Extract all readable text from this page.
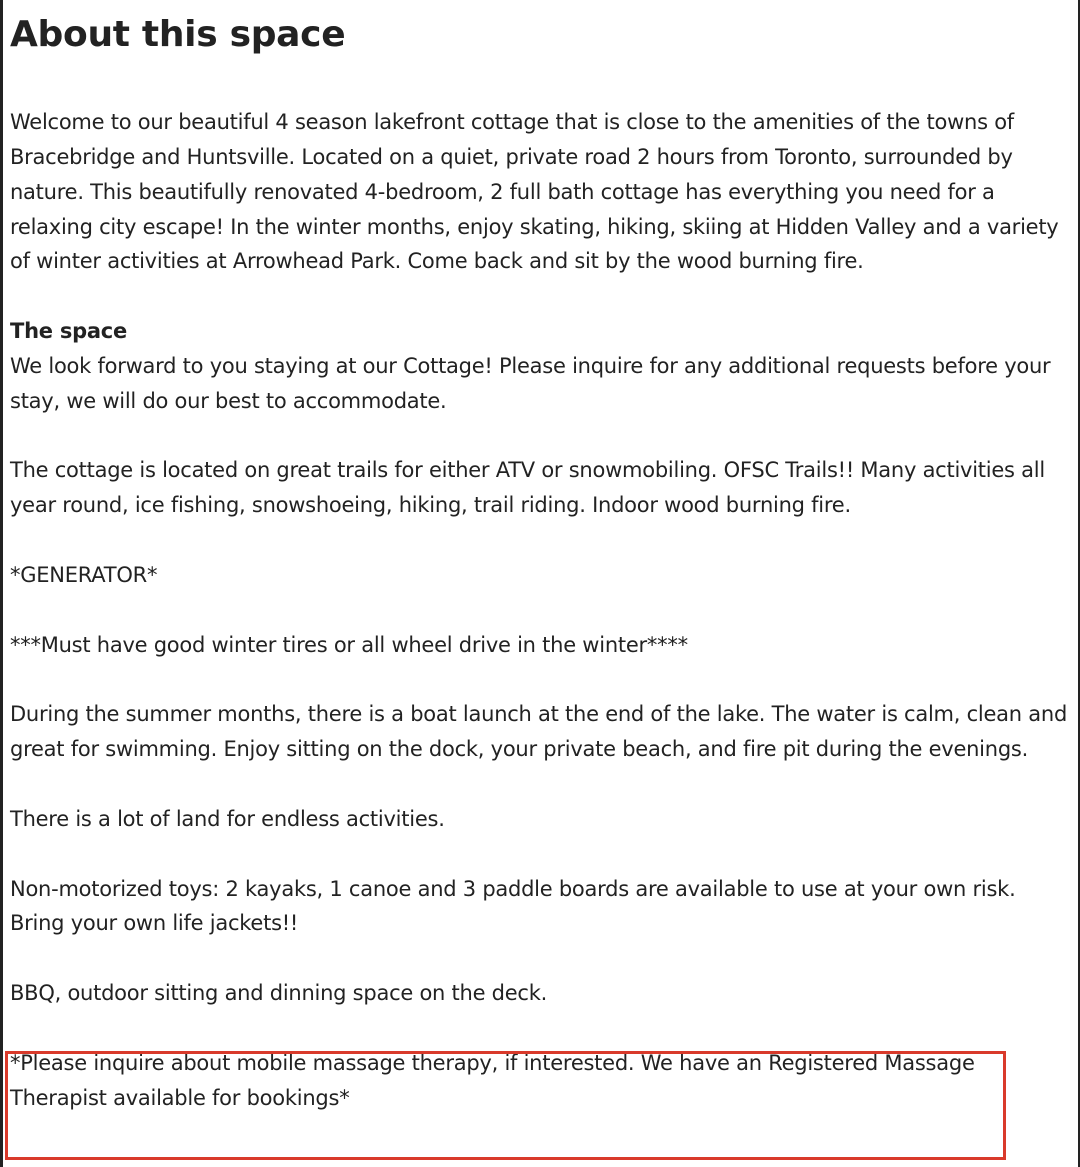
About this space

Welcome to our beautiful 4 season lakefront cottage that is close to the amenities of the towns of Bracebridge and Huntsville. Located on a quiet, private road 2 hours from Toronto, surrounded by nature. This beautifully renovated 4-bedroom, 2 full bath cottage has everything you need for a relaxing city escape! In the winter months, enjoy skating, hiking, skiing at Hidden Valley and a variety of winter activities at Arrowhead Park. Come back and sit by the wood burning fire.

The space

We look forward to you staying at our Cottage! Please inquire for any additional requests before your stay, we will do our best to accommodate.

The cottage is located on great trails for either ATV or snowmobiling. OFSC Trails!! Many activities all year round, ice fishing, snowshoeing, hiking, trail riding. Indoor wood burning fire.

*GENERATOR*

***Must have good winter tires or all wheel drive in the winter****

During the summer months, there is a boat launch at the end of the lake. The water is calm, clean and great for swimming. Enjoy sitting on the dock, your private beach, and fire pit during the evenings.

There is a lot of land for endless activities.

Non-motorized toys: 2 kayaks, 1 canoe and 3 paddle boards are available to use at your own risk. Bring your own life jackets!!

BBQ, outdoor sitting and dinning space on the deck.

*Please inquire about mobile massage therapy, if interested. We have an Registered Massage Therapist available for bookings*
